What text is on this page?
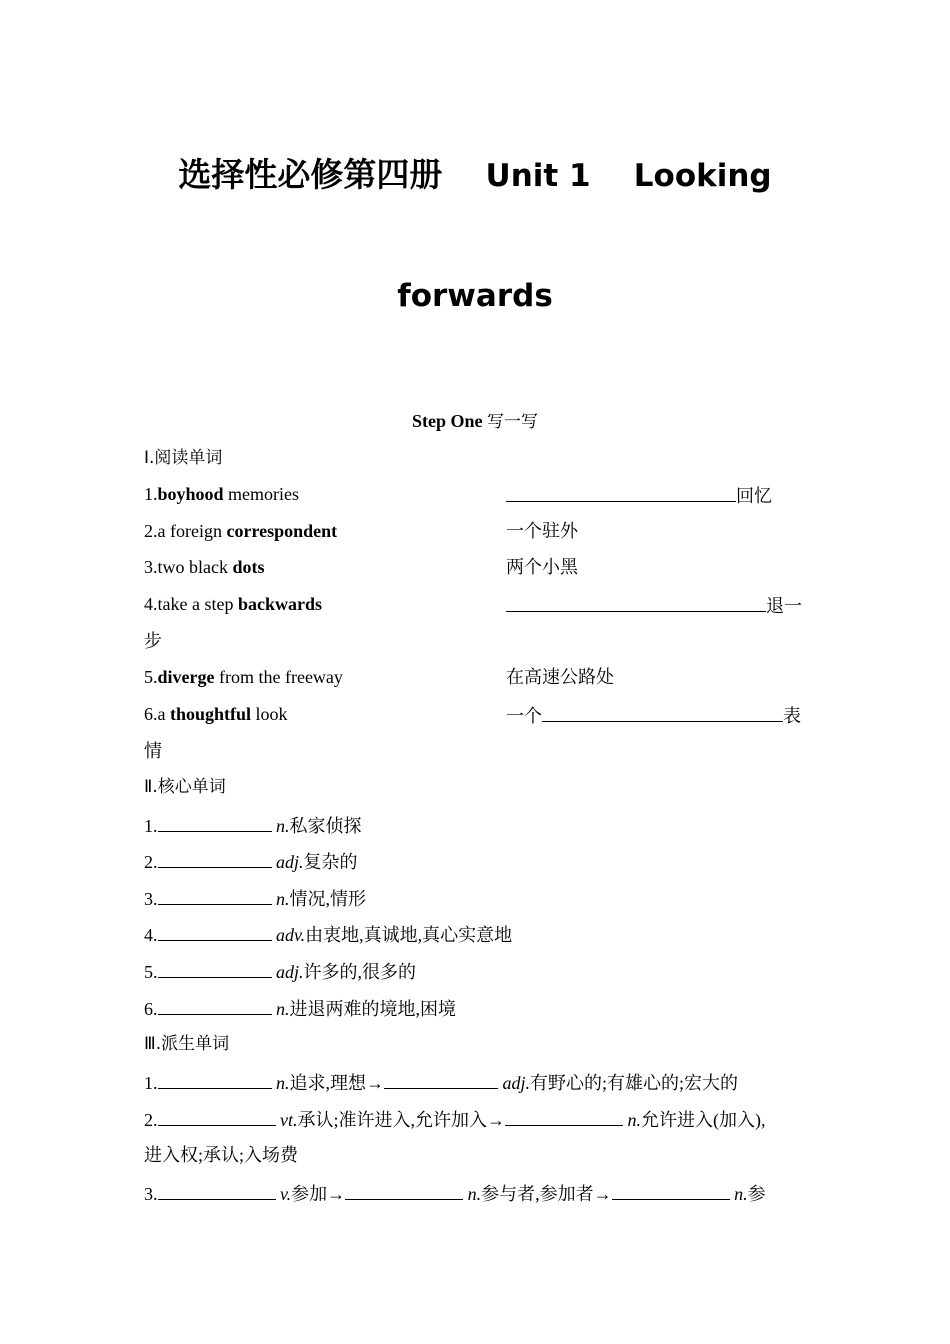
选择性必修第四册 Unit 1    Looking
forwards
Step One 写一写
Ⅰ.阅读单词
1.boyhood memories	回忆
2.a foreign correspondent	一个驻外
3.two black dots	两个小黑
4.take a step backwards	退一
步
5.diverge from the freeway	在高速公路处
6.a thoughtful look	一个	表
情
Ⅱ.核心单词
1.	n.私家侦探
2.	adj.复杂的
3.	n.情况,情形
4.	adv.由衷地,真诚地,真心实意地
5.	adj.许多的,很多的
6.	n.进退两难的境地,困境
Ⅲ.派生单词
1.	n.追求,理想→	adj.有野心的;有雄心的;宏大的
2.	vt.承认;准许进入,允许加入→	n.允许进入(加入),
进入权;承认;入场费
3.	v.参加→	n.参与者,参加者→	n.参
